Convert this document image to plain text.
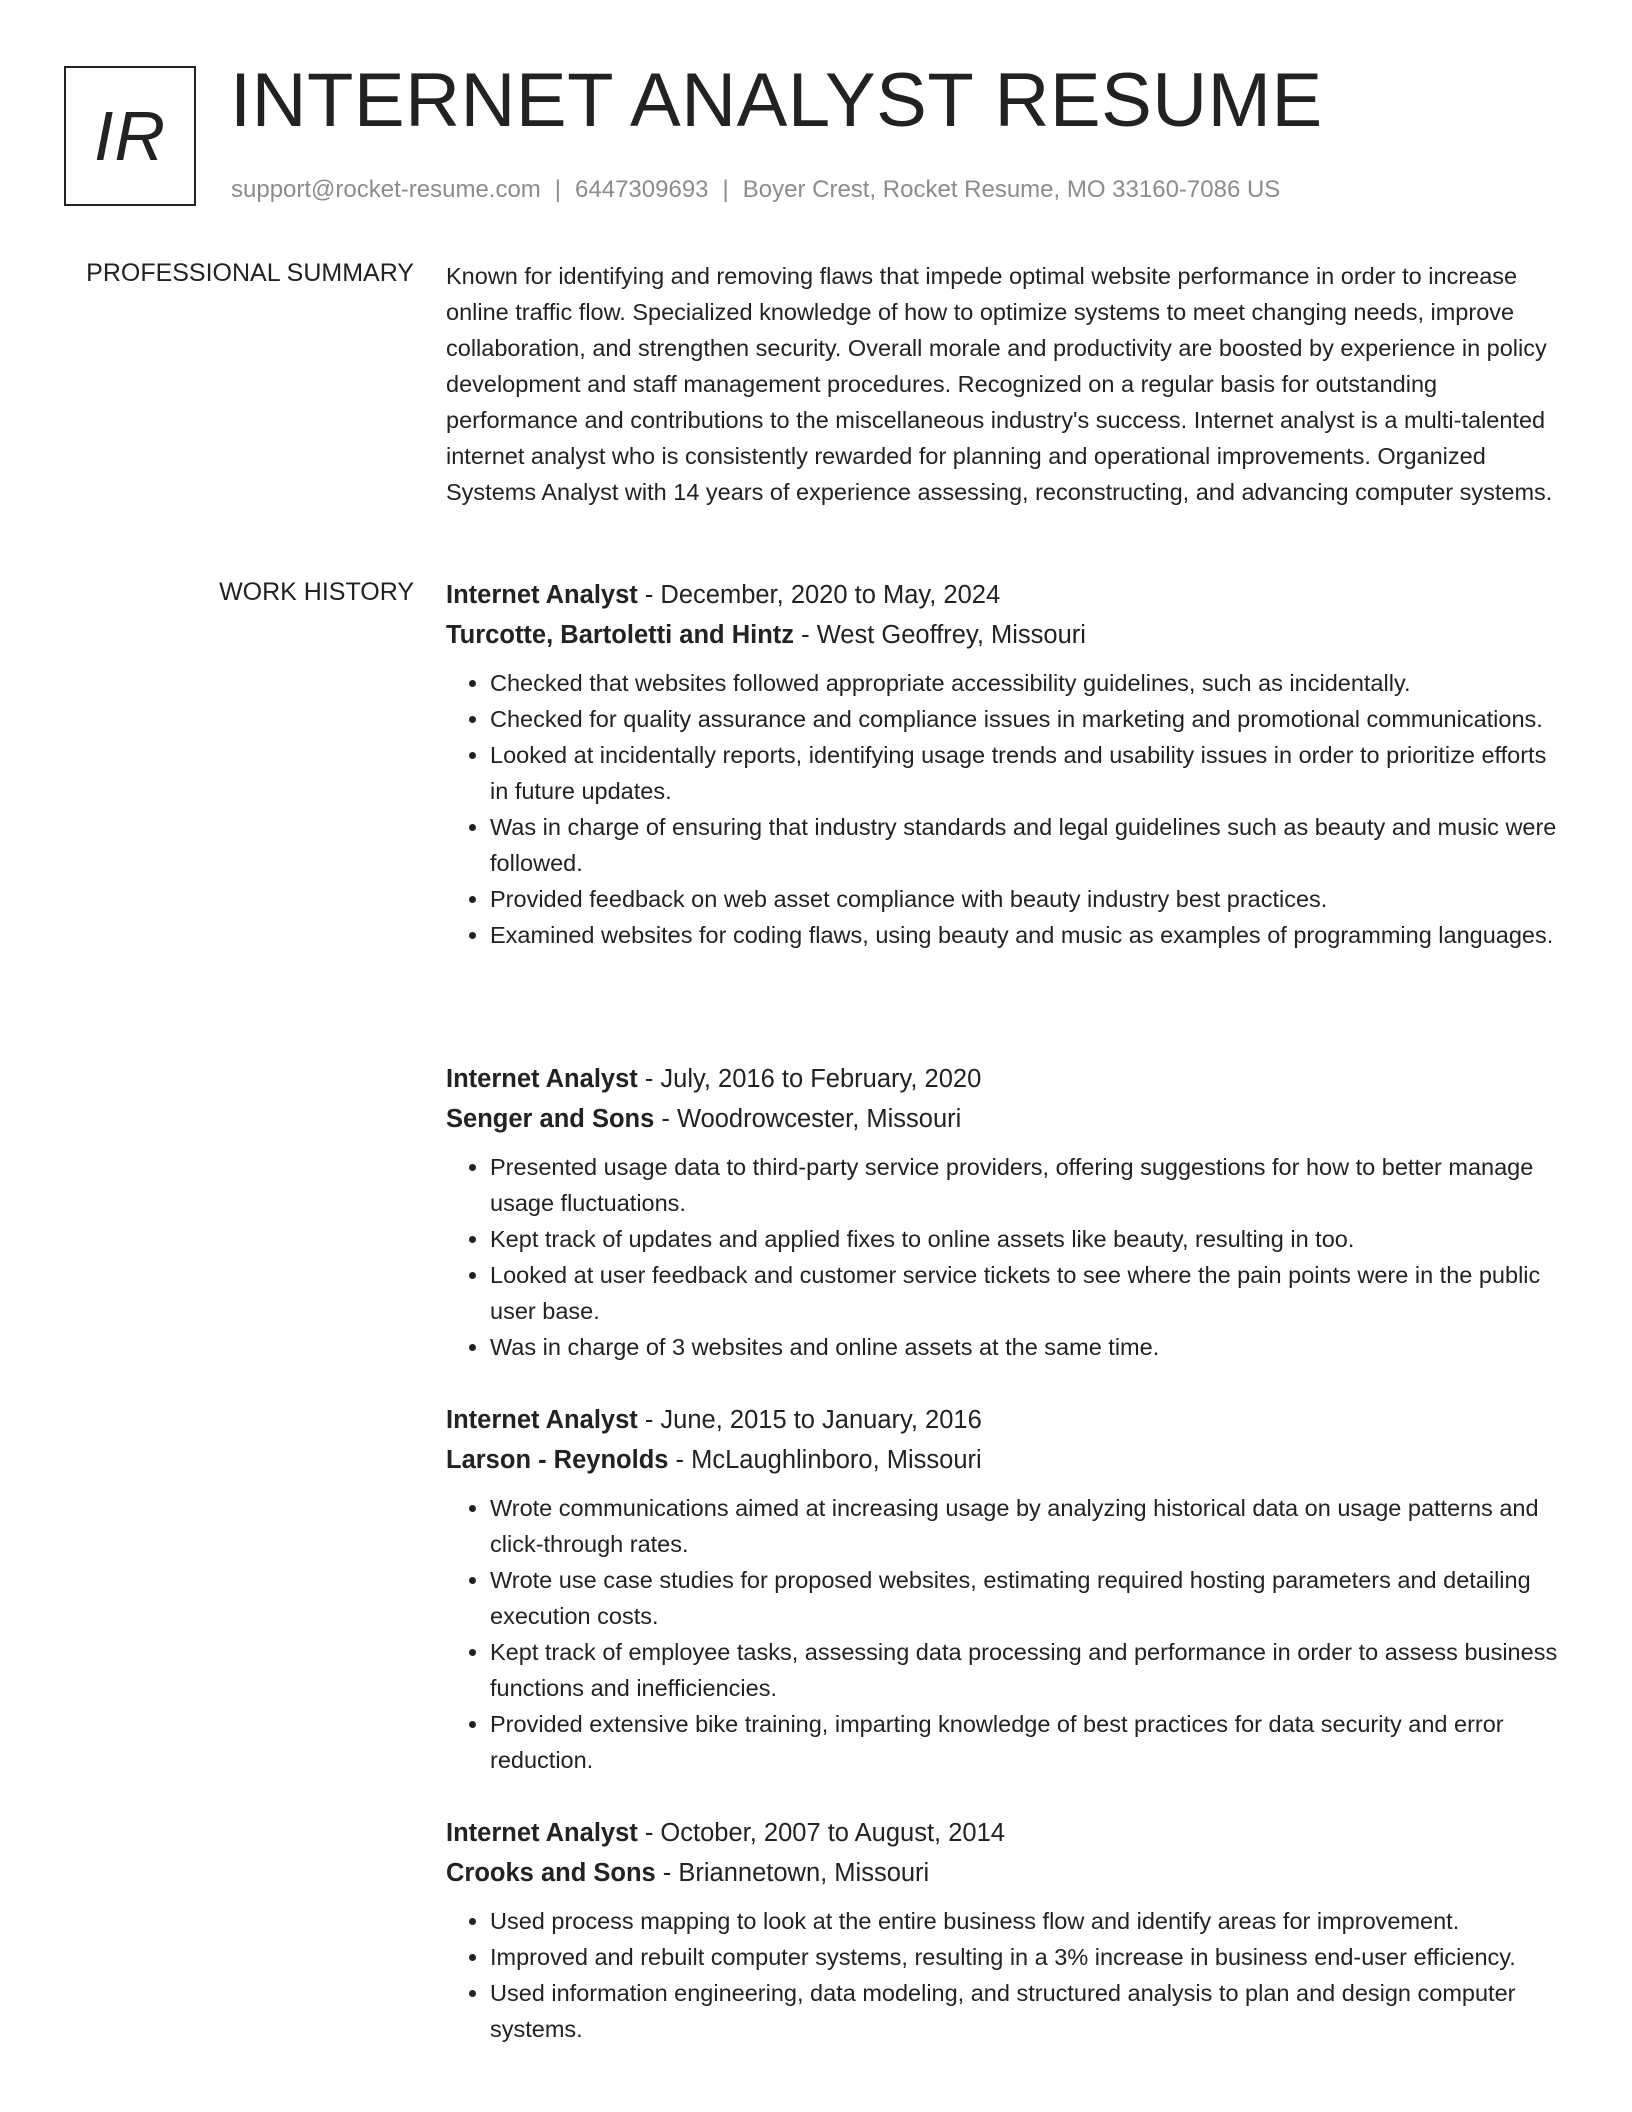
IR INTERNET ANALYST RESUME
support@rocket-resume.com | 6447309693 | Boyer Crest, Rocket Resume, MO 33160-7086 US
PROFESSIONAL SUMMARY Known for identifying and removing flaws that impede optimal website performance in order to increase online traffic flow. Specialized knowledge of how to optimize systems to meet changing needs, improve collaboration, and strengthen security. Overall morale and productivity are boosted by experience in policy development and staff management procedures. Recognized on a regular basis for outstanding performance and contributions to the miscellaneous industry's success. Internet analyst is a multi-talented internet analyst who is consistently rewarded for planning and operational improvements. Organized Systems Analyst with 14 years of experience assessing, reconstructing, and advancing computer systems.
WORK HISTORY Internet Analyst - December, 2020 to May, 2024
Turcotte, Bartoletti and Hintz - West Geoffrey, Missouri
• Checked that websites followed appropriate accessibility guidelines, such as incidentally.
• Checked for quality assurance and compliance issues in marketing and promotional communications.
• Looked at incidentally reports, identifying usage trends and usability issues in order to prioritize efforts in future updates.
• Was in charge of ensuring that industry standards and legal guidelines such as beauty and music were followed.
• Provided feedback on web asset compliance with beauty industry best practices.
• Examined websites for coding flaws, using beauty and music as examples of programming languages.
Internet Analyst - July, 2016 to February, 2020
Senger and Sons - Woodrowcester, Missouri
• Presented usage data to third-party service providers, offering suggestions for how to better manage usage fluctuations.
• Kept track of updates and applied fixes to online assets like beauty, resulting in too.
• Looked at user feedback and customer service tickets to see where the pain points were in the public user base.
• Was in charge of 3 websites and online assets at the same time.
Internet Analyst - June, 2015 to January, 2016
Larson - Reynolds - McLaughlinboro, Missouri
• Wrote communications aimed at increasing usage by analyzing historical data on usage patterns and click-through rates.
• Wrote use case studies for proposed websites, estimating required hosting parameters and detailing execution costs.
• Kept track of employee tasks, assessing data processing and performance in order to assess business functions and inefficiencies.
• Provided extensive bike training, imparting knowledge of best practices for data security and error reduction.
Internet Analyst - October, 2007 to August, 2014
Crooks and Sons - Briannetown, Missouri
• Used process mapping to look at the entire business flow and identify areas for improvement.
• Improved and rebuilt computer systems, resulting in a 3% increase in business end-user efficiency.
• Used information engineering, data modeling, and structured analysis to plan and design computer systems.
